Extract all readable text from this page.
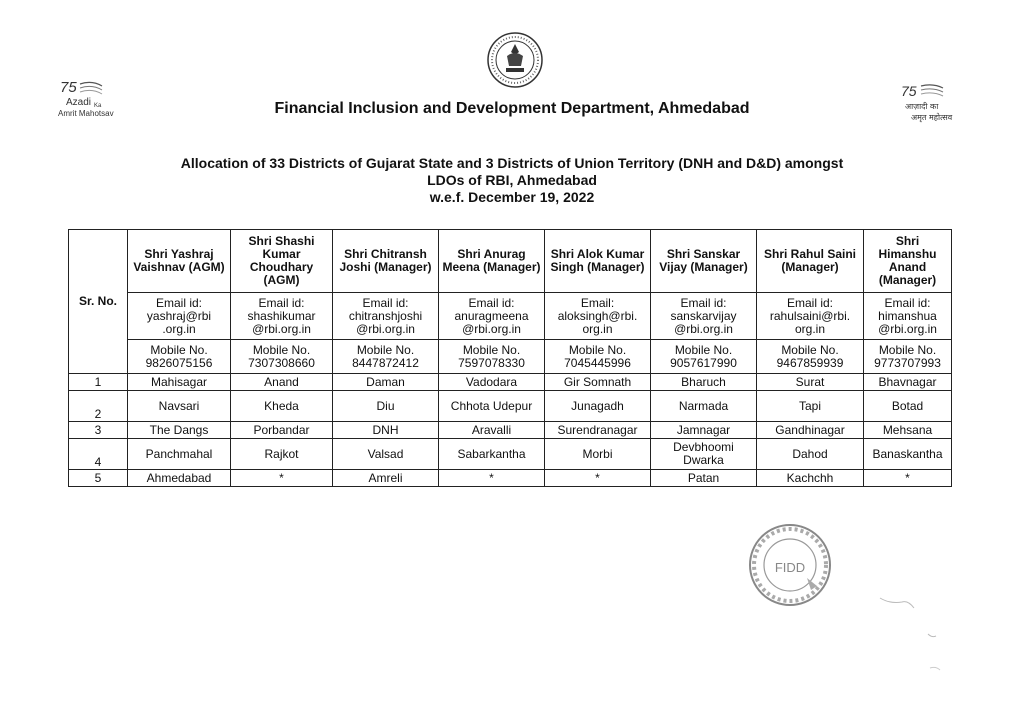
75
Azadi Ka
Amrit Mahotsav
75
आज़ादी का
अमृत महोत्सव
Financial Inclusion and Development Department, Ahmedabad
Allocation of 33 Districts of Gujarat State and 3 Districts of Union Territory (DNH and D&D) amongst
LDOs of RBI, Ahmedabad
w.e.f. December 19, 2022
Sr. No.	Shri Yashraj Vaishnav (AGM)	Shri Shashi Kumar Choudhary (AGM)	Shri Chitransh Joshi (Manager)	Shri Anurag Meena (Manager)	Shri Alok Kumar Singh (Manager)	Shri Sanskar Vijay (Manager)	Shri Rahul Saini (Manager)	Shri Himanshu Anand (Manager)
	Email id: yashraj@rbi .org.in	Email id: shashikumar @rbi.org.in	Email id: chitranshjoshi @rbi.org.in	Email id: anuragmeena @rbi.org.in	Email: aloksingh@rbi. org.in	Email id: sanskarvijay @rbi.org.in	Email id: rahulsaini@rbi. org.in	Email id: himanshua @rbi.org.in
	Mobile No. 9826075156	Mobile No. 7307308660	Mobile No. 8447872412	Mobile No. 7597078330	Mobile No. 7045445996	Mobile No. 9057617990	Mobile No. 9467859939	Mobile No. 9773707993
1	Mahisagar	Anand	Daman	Vadodara	Gir Somnath	Bharuch	Surat	Bhavnagar
2	Navsari	Kheda	Diu	Chhota Udepur	Junagadh	Narmada	Tapi	Botad
3	The Dangs	Porbandar	DNH	Aravalli	Surendranagar	Jamnagar	Gandhinagar	Mehsana
4	Panchmahal	Rajkot	Valsad	Sabarkantha	Morbi	Devbhoomi Dwarka	Dahod	Banaskantha
5	Ahmedabad	*	Amreli	*	*	Patan	Kachchh	*
FIDD
